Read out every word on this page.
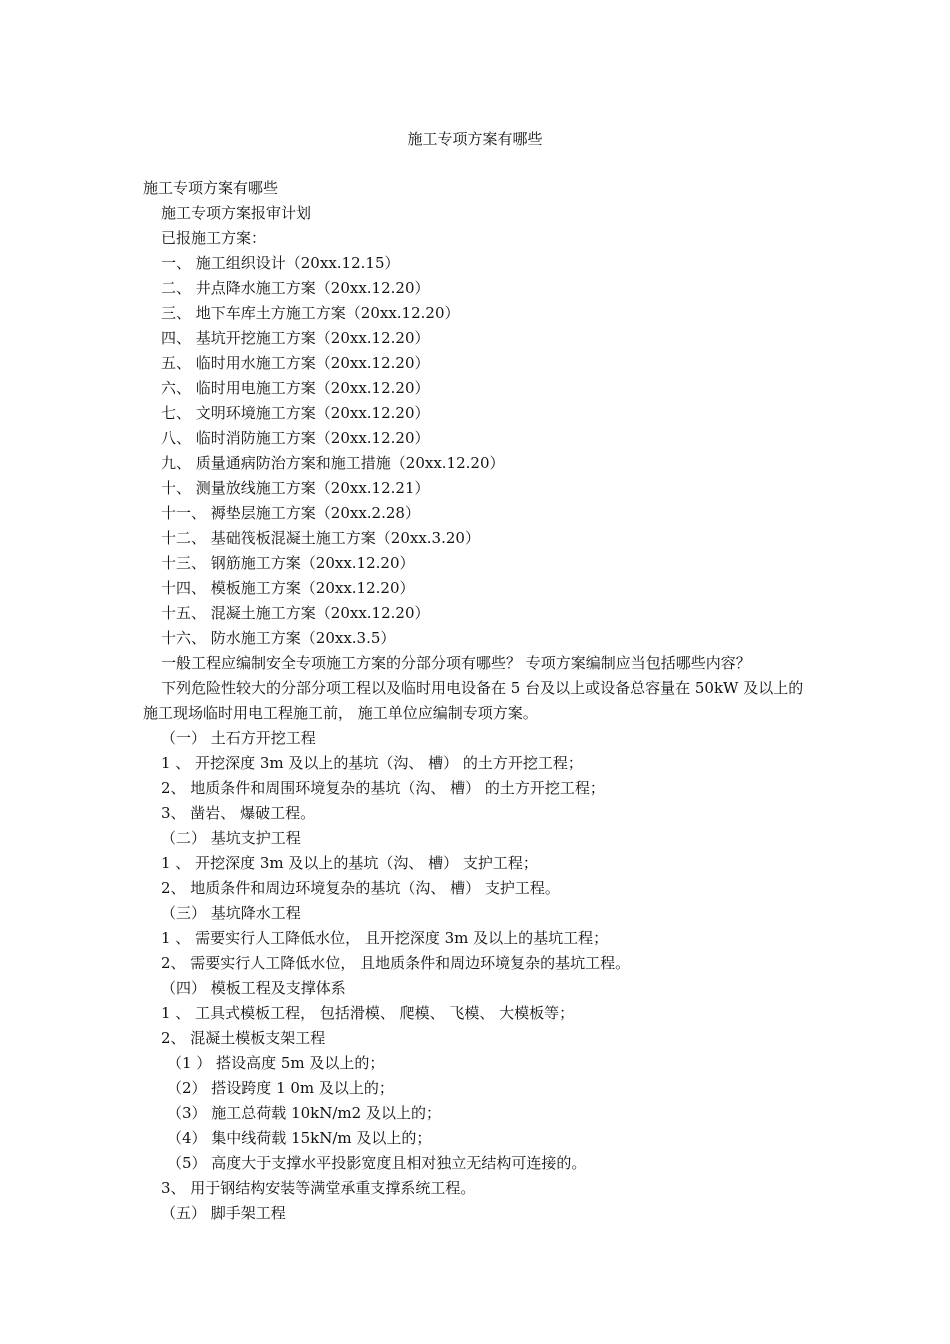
施工专项方案有哪些
施工专项方案有哪些
施工专项方案报审计划
已报施工方案：
一、 施工组织设计（20xx.12.15）
二、 井点降水施工方案（20xx.12.20）
三、 地下车库土方施工方案（20xx.12.20）
四、 基坑开挖施工方案（20xx.12.20）
五、 临时用水施工方案（20xx.12.20）
六、 临时用电施工方案（20xx.12.20）
七、 文明环境施工方案（20xx.12.20）
八、 临时消防施工方案（20xx.12.20）
九、 质量通病防治方案和施工措施（20xx.12.20）
十、 测量放线施工方案（20xx.12.21）
十一、 褥垫层施工方案（20xx.2.28）
十二、 基础筏板混凝土施工方案（20xx.3.20）
十三、 钢筋施工方案（20xx.12.20）
十四、 模板施工方案（20xx.12.20）
十五、 混凝土施工方案（20xx.12.20）
十六、 防水施工方案（20xx.3.5）
一般工程应编制安全专项施工方案的分部分项有哪些？ 专项方案编制应当包括哪些内容？
下列危险性较大的分部分项工程以及临时用电设备在 5 台及以上或设备总容量在 50kW 及以上的施工现场临时用电工程施工前， 施工单位应编制专项方案。
（一） 土石方开挖工程
1 、 开挖深度 3m 及以上的基坑（沟、 槽） 的土方开挖工程；
2、 地质条件和周围环境复杂的基坑（沟、 槽） 的土方开挖工程；
3、 凿岩、 爆破工程。
（二） 基坑支护工程
1 、 开挖深度 3m 及以上的基坑（沟、 槽） 支护工程；
2、 地质条件和周边环境复杂的基坑（沟、 槽） 支护工程。
（三） 基坑降水工程
1 、 需要实行人工降低水位， 且开挖深度 3m 及以上的基坑工程；
2、 需要实行人工降低水位， 且地质条件和周边环境复杂的基坑工程。
（四） 模板工程及支撑体系
1 、 工具式模板工程， 包括滑模、 爬模、 飞模、 大模板等；
2、 混凝土模板支架工程
（1 ） 搭设高度 5m 及以上的；
（2） 搭设跨度 1 0m 及以上的；
（3） 施工总荷载 10kN/m2 及以上的；
（4） 集中线荷载 15kN/m 及以上的；
（5） 高度大于支撑水平投影宽度且相对独立无结构可连接的。
3、 用于钢结构安装等满堂承重支撑系统工程。
（五） 脚手架工程
